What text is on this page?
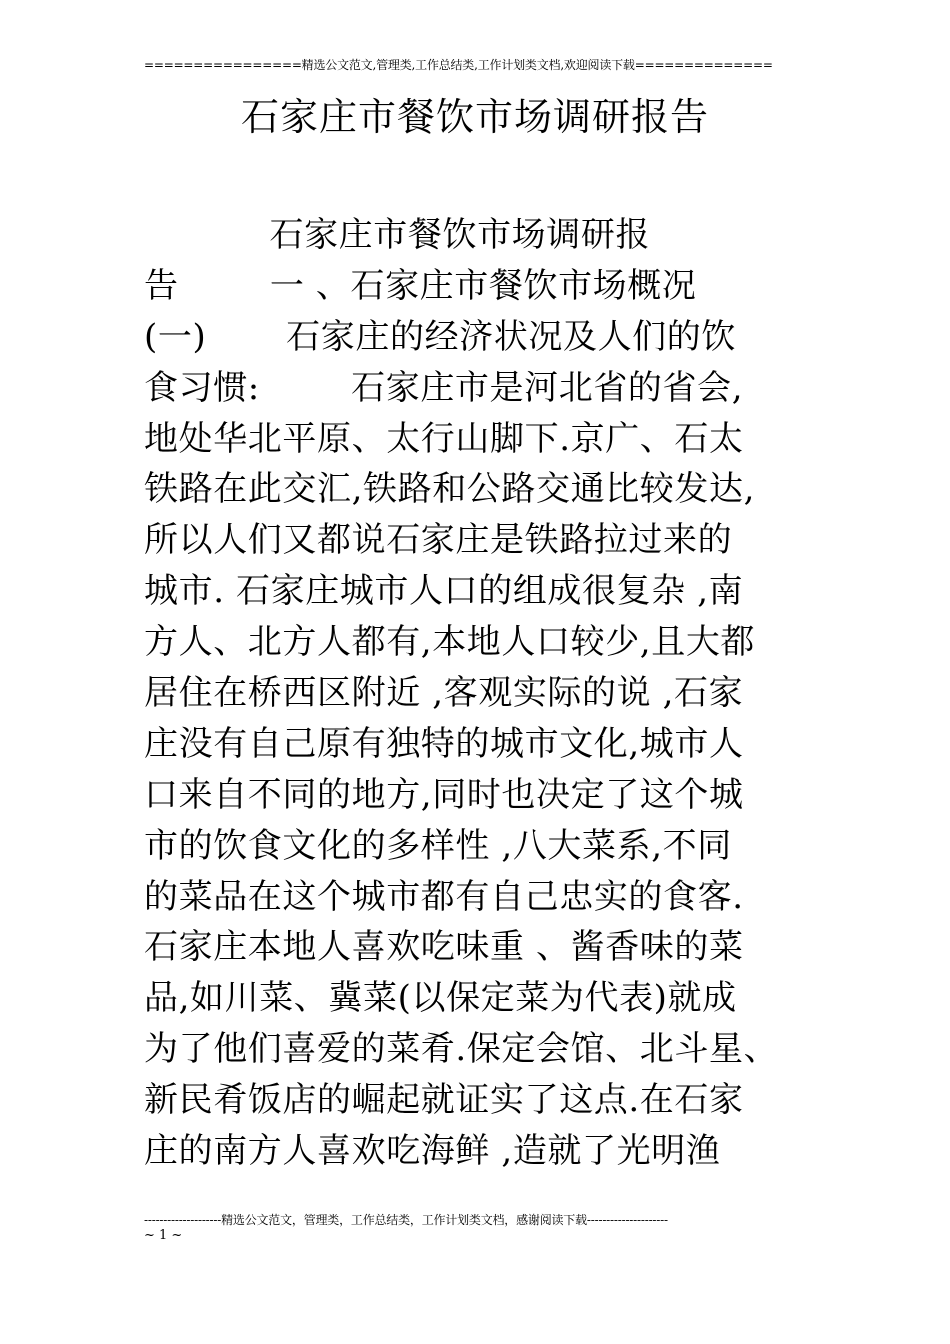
================精选公文范文,管理类,工作总结类,工作计划类文档,欢迎阅读下载==============
石家庄市餐饮市场调研报告
石家庄市餐饮市场调研报
告        一 、石家庄市餐饮市场概况
(一)       石家庄的经济状况及人们的饮
食习惯:        石家庄市是河北省的省会,
地处华北平原、太行山脚下.京广、石太
铁路在此交汇,铁路和公路交通比较发达,
所以人们又都说石家庄是铁路拉过来的
城市. 石家庄城市人口的组成很复杂 ,南
方人、北方人都有,本地人口较少,且大都
居住在桥西区附近 ,客观实际的说 ,石家
庄没有自己原有独特的城市文化,城市人
口来自不同的地方,同时也决定了这个城
市的饮食文化的多样性 ,八大菜系,不同
的菜品在这个城市都有自己忠实的食客.
石家庄本地人喜欢吃味重 、酱香味的菜
品,如川菜、冀菜(以保定菜为代表)就成
为了他们喜爱的菜肴.保定会馆、北斗星、
新民肴饭店的崛起就证实了这点.在石家
庄的南方人喜欢吃海鲜 ,造就了光明渔
--------------------精选公文范文，管理类，工作总结类，工作计划类文档，感谢阅读下载---------------------
~ 1 ~
